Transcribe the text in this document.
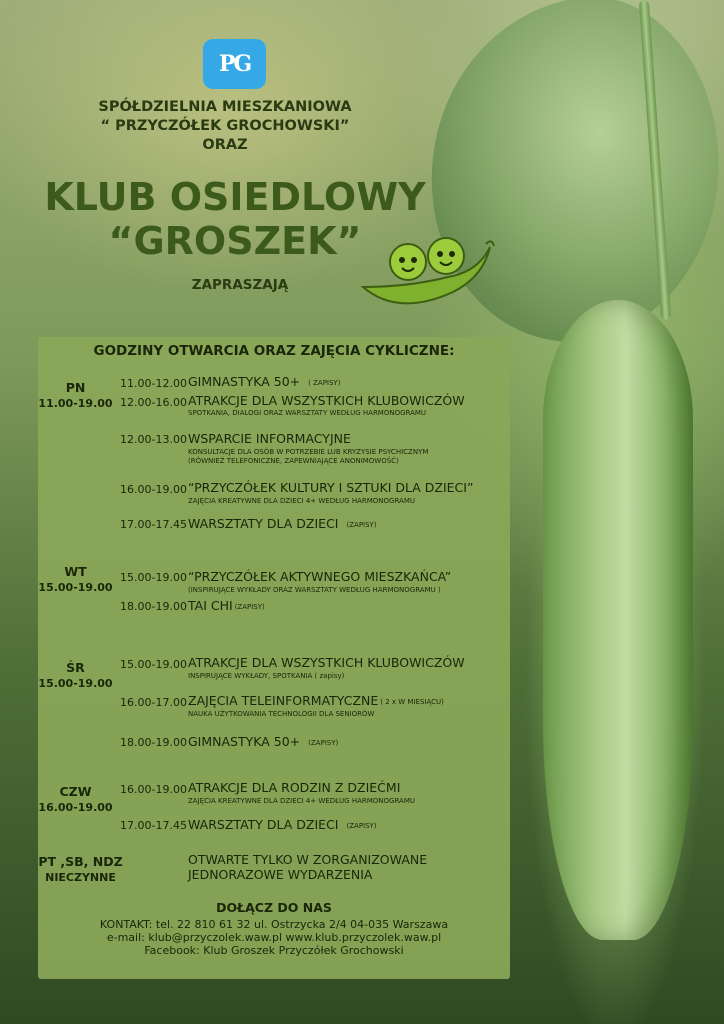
PG
SPÓŁDZIELNIA MIESZKANIOWA
“ PRZYCZÓŁEK GROCHOWSKI”
ORAZ
KLUB OSIEDLOWY
“GROSZEK”
ZAPRASZAJĄ
GODZINY OTWARCIA ORAZ ZAJĘCIA CYKLICZNE:
PN
11.00-19.00
WT
15.00-19.00
ŚR
15.00-19.00
CZW
16.00-19.00
PT ,SB, NDZ
NIECZYNNE
11.00-12.00 GIMNASTYKA 50+ ( ZAPISY)
12.00-16.00 ATRAKCJE DLA WSZYSTKICH KLUBOWICZÓW
SPOTKANIA, DIALOGI ORAZ WARSZTATY WEDŁUG HARMONOGRAMU
12.00-13.00 WSPARCIE INFORMACYJNE
KONSULTACJE DLA OSÓB W POTRZEBIE LUB KRYZYSIE PSYCHICZNYM
(RÓWNIEŻ TELEFONICZNE, ZAPEWNIAJĄCE ANONIMOWOŚĆ)
16.00-19.00 “PRZYCZÓŁEK KULTURY I SZTUKI DLA DZIECI”
ZAJĘCIA KREATYWNE DLA DZIECI 4+ WEDŁUG HARMONOGRAMU
17.00-17.45 WARSZTATY DLA DZIECI (ZAPISY)
15.00-19.00 “PRZYCZÓŁEK AKTYWNEGO MIESZKAŃCA”
(INSPIRUJĄCE WYKŁADY ORAZ WARSZTATY WEDŁUG HARMONOGRAMU )
18.00-19.00 TAI CHI (ZAPISY)
15.00-19.00 ATRAKCJE DLA WSZYSTKICH KLUBOWICZÓW
INSPIRUJĄCE WYKŁADY, SPOTKANIA ( zapisy)
16.00-17.00 ZAJĘCIA TELEINFORMATYCZNE ( 2 x W MIESIĄCU)
NAUKA UŻYTKOWANIA TECHNOLOGII DLA SENIORÓW
18.00-19.00 GIMNASTYKA 50+ (ZAPISY)
16.00-19.00 ATRAKCJE DLA RODZIN Z DZIEĆMI
ZAJĘCIA KREATYWNE DLA DZIECI 4+ WEDŁUG HARMONOGRAMU
17.00-17.45 WARSZTATY DLA DZIECI (ZAPISY)
OTWARTE TYLKO W ZORGANIZOWANE
JEDNORAZOWE WYDARZENIA
DOŁĄCZ DO NAS
KONTAKT: tel. 22 810 61 32 ul. Ostrzycka 2/4 04-035 Warszawa
e-mail: klub@przyczolek.waw.pl www.klub.przyczolek.waw.pl
Facebook: Klub Groszek Przyczółek Grochowski
